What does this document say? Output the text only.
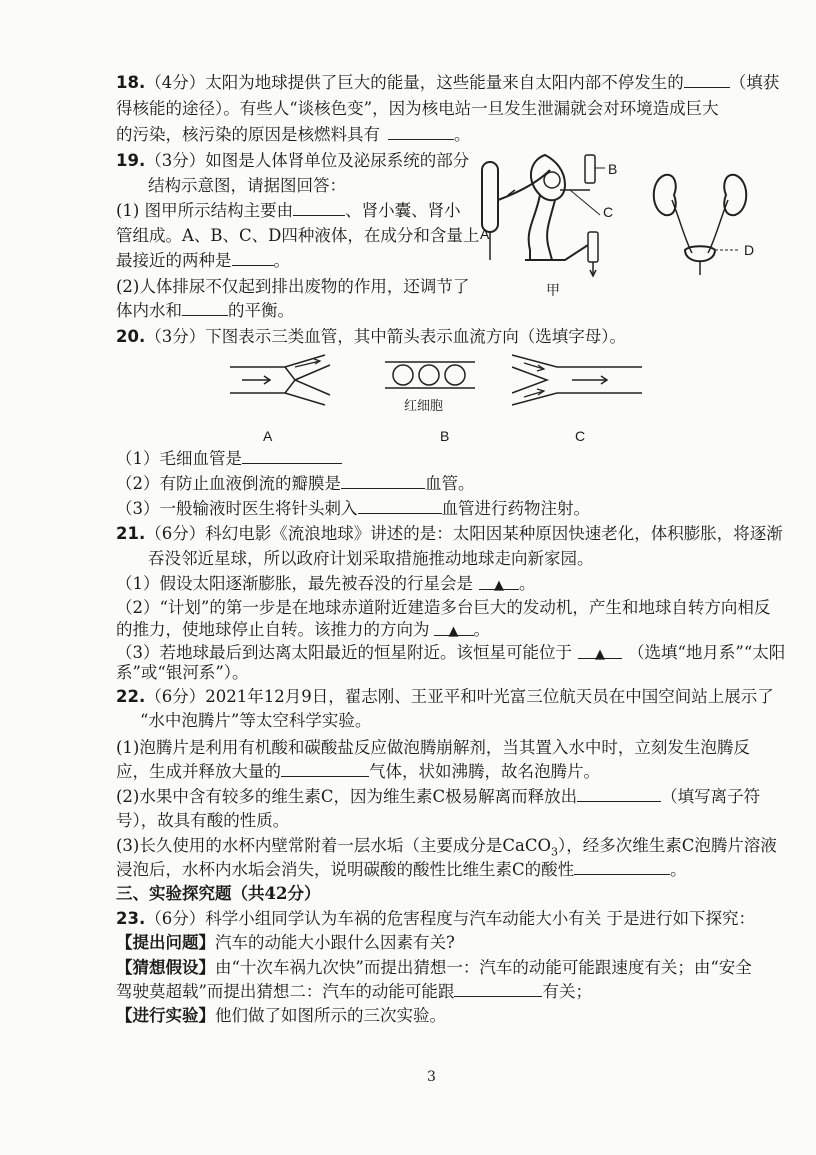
18.（4分）太阳为地球提供了巨大的能量，这些能量来自太阳内部不停发生的	（填获
得核能的途径）。有些人“谈核色变”，因为核电站一旦发生泄漏就会对环境造成巨大
的污染，核污染的原因是核燃料具有	。
19.（3分）如图是人体肾单位及泌尿系统的部分
结构示意图，请据图回答：
(1) 图甲所示结构主要由	、肾小囊、肾小
管组成。A、B、C、D四种液体，在成分和含量上
最接近的两种是	。
(2)人体排尿不仅起到排出废物的作用，还调节了
体内水和	的平衡。
A
B
C
甲
D
20.（3分）下图表示三类血管，其中箭头表示血流方向（选填字母）。
A
红细胞
B	C
（1）毛细血管是
（2）有防止血液倒流的瓣膜是	血管。
（3）一般输液时医生将针头刺入	血管进行药物注射。
21.（6分）科幻电影《流浪地球》讲述的是：太阳因某种原因快速老化，体积膨胀，将逐渐
吞没邻近星球，所以政府计划采取措施推动地球走向新家园。
（1）假设太阳逐渐膨胀，最先被吞没的行星会是 ▲ 。
（2）“计划”的第一步是在地球赤道附近建造多台巨大的发动机，产生和地球自转方向相反
的推力，使地球停止自转。该推力的方向为 ▲ 。
（3）若地球最后到达离太阳最近的恒星附近。该恒星可能位于 ▲ （选填“地月系”“太阳
系”或“银河系”）。
22.（6分）2021年12月9日，翟志刚、王亚平和叶光富三位航天员在中国空间站上展示了
“水中泡腾片”等太空科学实验。
(1)泡腾片是利用有机酸和碳酸盐反应做泡腾崩解剂，当其置入水中时，立刻发生泡腾反
应，生成并释放大量的	气体，状如沸腾，故名泡腾片。
(2)水果中含有较多的维生素C，因为维生素C极易解离而释放出	（填写离子符
号），故具有酸的性质。
(3)长久使用的水杯内壁常附着一层水垢（主要成分是CaCO$_3$），经多次维生素C泡腾片溶液
浸泡后，水杯内水垢会消失，说明碳酸的酸性比维生素C的酸性	。
三、实验探究题（共42分）
23.（6分）科学小组同学认为车祸的危害程度与汽车动能大小有关 于是进行如下探究：
【提出问题】汽车的动能大小跟什么因素有关?
【猜想假设】由“十次车祸九次快”而提出猜想一：汽车的动能可能跟速度有关；由“安全
驾驶莫超载”而提出猜想二：汽车的动能可能跟	有关；
【进行实验】他们做了如图所示的三次实验。
3
